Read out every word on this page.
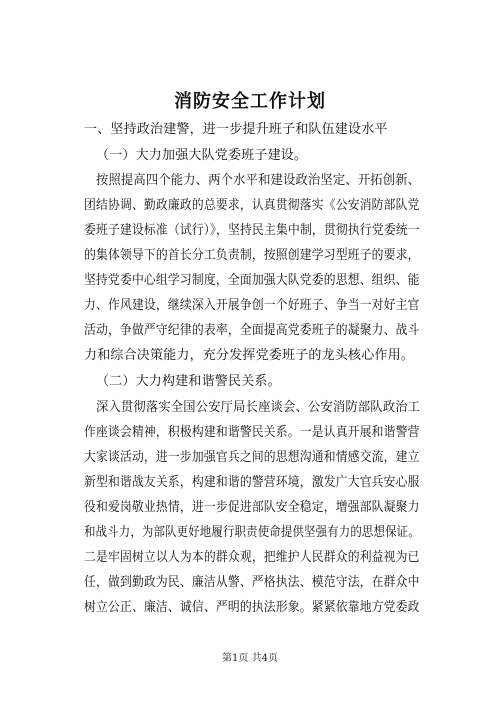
消防安全工作计划
一、坚持政治建警，进一步提升班子和队伍建设水平
（一）大力加强大队党委班子建设。
按照提高四个能力、两个水平和建设政治坚定、开拓创新、
团结协调、勤政廉政的总要求，认真贯彻落实《公安消防部队党
委班子建设标准（试行）》，坚持民主集中制，贯彻执行党委统一
的集体领导下的首长分工负责制，按照创建学习型班子的要求，
坚持党委中心组学习制度，全面加强大队党委的思想、组织、能
力、作风建设，继续深入开展争创一个好班子、争当一对好主官
活动，争做严守纪律的表率，全面提高党委班子的凝聚力、战斗
力和综合决策能力，充分发挥党委班子的龙头核心作用。
（二）大力构建和谐警民关系。
深入贯彻落实全国公安厅局长座谈会、公安消防部队政治工
作座谈会精神，积极构建和谐警民关系。一是认真开展和谐警营
大家谈活动，进一步加强官兵之间的思想沟通和情感交流，建立
新型和谐战友关系，构建和谐的警营环境，激发广大官兵安心服
役和爱岗敬业热情，进一步促进部队安全稳定，增强部队凝聚力
和战斗力，为部队更好地履行职责使命提供坚强有力的思想保证。
二是牢固树立以人为本的群众观，把维护人民群众的利益视为已
任，做到勤政为民、廉洁从警、严格执法、模范守法，在群众中
树立公正、廉洁、诚信、严明的执法形象。紧紧依靠地方党委政
第1页 共4页
